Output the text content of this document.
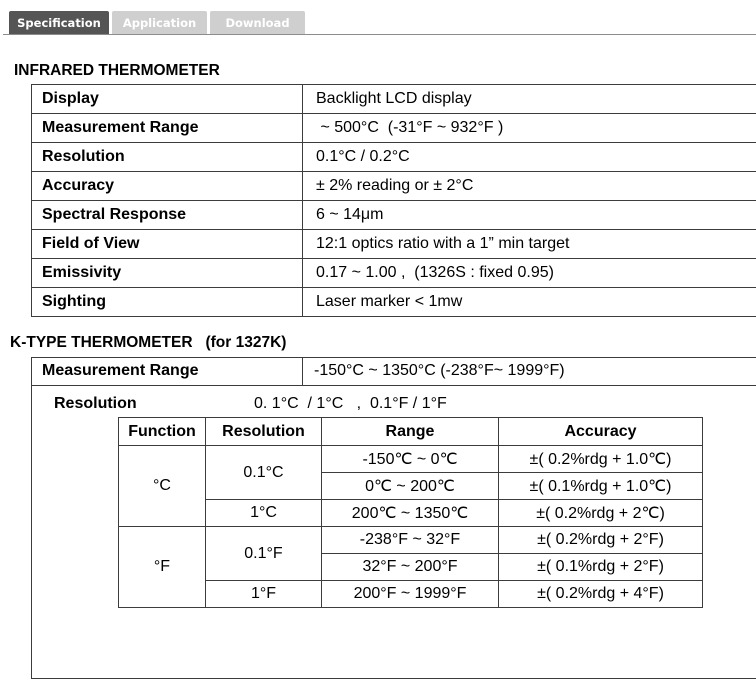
Specification	Application	Download
INFRARED THERMOMETER
Display	Backlight LCD display
Measurement Range	~ 500°C  (-31°F ~ 932°F )
Resolution	0.1°C / 0.2°C
Accuracy	± 2% reading or ± 2°C
Spectral Response	6 ~ 14μm
Field of View	12:1 optics ratio with a 1” min target
Emissivity	0.17 ~ 1.00 ,  (1326S : fixed 0.95)
Sighting	Laser marker < 1mw
K-TYPE THERMOMETER   (for 1327K)
Measurement Range	-150°C ~ 1350°C (-238°F~ 1999°F)
Resolution	0. 1°C  / 1°C   ,  0.1°F / 1°F
Function	Resolution	Range	Accuracy
°C	0.1°C	-150℃ ~ 0℃	±( 0.2%rdg + 1.0℃)
		0℃ ~ 200℃	±( 0.1%rdg + 1.0℃)
	1°C	200℃ ~ 1350℃	±( 0.2%rdg + 2℃)
°F	0.1°F	-238°F ~ 32°F	±( 0.2%rdg + 2°F)
		32°F ~ 200°F	±( 0.1%rdg + 2°F)
	1°F	200°F ~ 1999°F	±( 0.2%rdg + 4°F)
